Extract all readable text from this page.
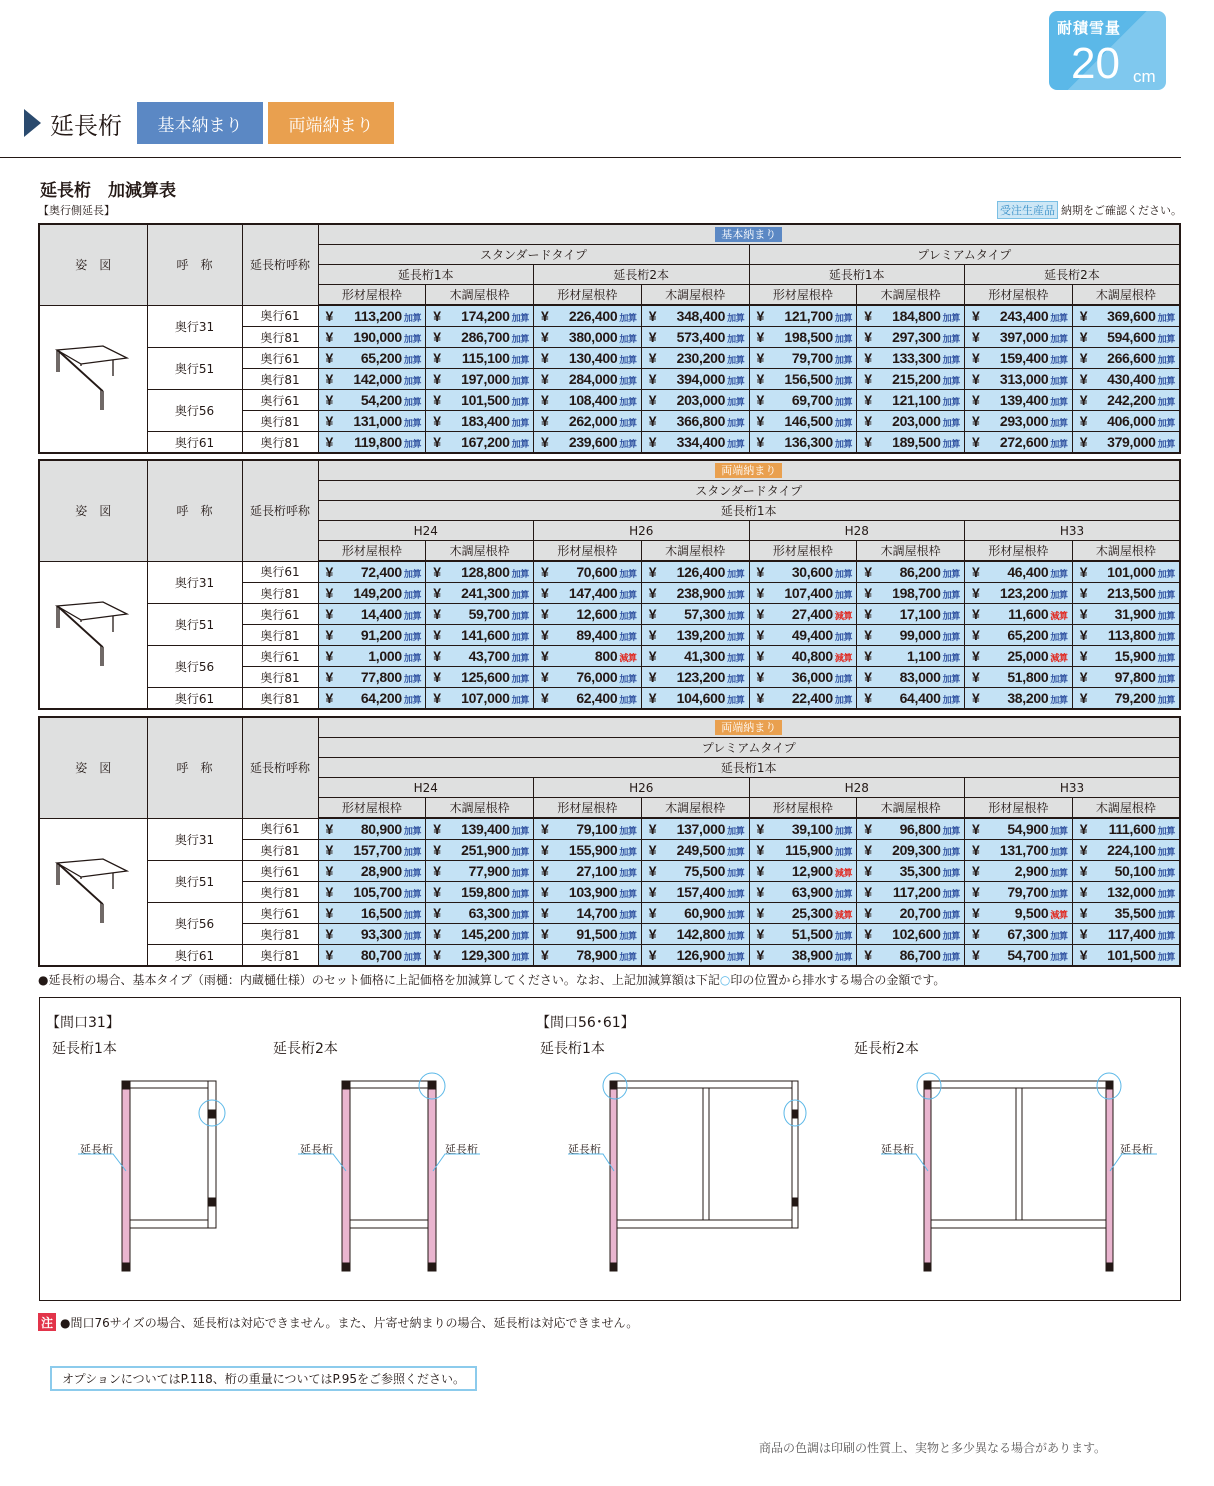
耐積雪量
20 cm
延長桁	基本納まり	両端納まり
延長桁　加減算表
【奥行側延長】	受注生産品 納期をご確認ください。
姿　図	呼　称	延長桁呼称	基本納まり							
			スタンダードタイプ				プレミアムタイプ			
			延長桁1本		延長桁2本		延長桁1本		延長桁2本	
			形材屋根枠	木調屋根枠	形材屋根枠	木調屋根枠	形材屋根枠	木調屋根枠	形材屋根枠	木調屋根枠
	奥行31	奥行61	¥ 113,200 加算	¥ 174,200 加算	¥ 226,400 加算	¥ 348,400 加算	¥ 121,700 加算	¥ 184,800 加算	¥ 243,400 加算	¥ 369,600 加算
		奥行81	¥ 190,000 加算	¥ 286,700 加算	¥ 380,000 加算	¥ 573,400 加算	¥ 198,500 加算	¥ 297,300 加算	¥ 397,000 加算	¥ 594,600 加算
	奥行51	奥行61	¥ 65,200 加算	¥ 115,100 加算	¥ 130,400 加算	¥ 230,200 加算	¥ 79,700 加算	¥ 133,300 加算	¥ 159,400 加算	¥ 266,600 加算
		奥行81	¥ 142,000 加算	¥ 197,000 加算	¥ 284,000 加算	¥ 394,000 加算	¥ 156,500 加算	¥ 215,200 加算	¥ 313,000 加算	¥ 430,400 加算
	奥行56	奥行61	¥ 54,200 加算	¥ 101,500 加算	¥ 108,400 加算	¥ 203,000 加算	¥ 69,700 加算	¥ 121,100 加算	¥ 139,400 加算	¥ 242,200 加算
		奥行81	¥ 131,000 加算	¥ 183,400 加算	¥ 262,000 加算	¥ 366,800 加算	¥ 146,500 加算	¥ 203,000 加算	¥ 293,000 加算	¥ 406,000 加算
	奥行61	奥行81	¥ 119,800 加算	¥ 167,200 加算	¥ 239,600 加算	¥ 334,400 加算	¥ 136,300 加算	¥ 189,500 加算	¥ 272,600 加算	¥ 379,000 加算
姿　図	呼　称	延長桁呼称	両端納まり							
			スタンダードタイプ							
			延長桁1本							
			H24		H26		H28		H33	
			形材屋根枠	木調屋根枠	形材屋根枠	木調屋根枠	形材屋根枠	木調屋根枠	形材屋根枠	木調屋根枠
	奥行31	奥行61	¥ 72,400 加算	¥ 128,800 加算	¥ 70,600 加算	¥ 126,400 加算	¥ 30,600 加算	¥ 86,200 加算	¥ 46,400 加算	¥ 101,000 加算
		奥行81	¥ 149,200 加算	¥ 241,300 加算	¥ 147,400 加算	¥ 238,900 加算	¥ 107,400 加算	¥ 198,700 加算	¥ 123,200 加算	¥ 213,500 加算
	奥行51	奥行61	¥ 14,400 加算	¥ 59,700 加算	¥ 12,600 加算	¥ 57,300 加算	¥ 27,400 減算	¥ 17,100 加算	¥ 11,600 減算	¥ 31,900 加算
		奥行81	¥ 91,200 加算	¥ 141,600 加算	¥ 89,400 加算	¥ 139,200 加算	¥ 49,400 加算	¥ 99,000 加算	¥ 65,200 加算	¥ 113,800 加算
	奥行56	奥行61	¥ 1,000 加算	¥ 43,700 加算	¥ 800 減算	¥ 41,300 加算	¥ 40,800 減算	¥ 1,100 加算	¥ 25,000 減算	¥ 15,900 加算
		奥行81	¥ 77,800 加算	¥ 125,600 加算	¥ 76,000 加算	¥ 123,200 加算	¥ 36,000 加算	¥ 83,000 加算	¥ 51,800 加算	¥ 97,800 加算
	奥行61	奥行81	¥ 64,200 加算	¥ 107,000 加算	¥ 62,400 加算	¥ 104,600 加算	¥ 22,400 加算	¥ 64,400 加算	¥ 38,200 加算	¥ 79,200 加算
姿　図	呼　称	延長桁呼称	両端納まり							
			プレミアムタイプ							
			延長桁1本							
			H24		H26		H28		H33	
			形材屋根枠	木調屋根枠	形材屋根枠	木調屋根枠	形材屋根枠	木調屋根枠	形材屋根枠	木調屋根枠
	奥行31	奥行61	¥ 80,900 加算	¥ 139,400 加算	¥ 79,100 加算	¥ 137,000 加算	¥ 39,100 加算	¥ 96,800 加算	¥ 54,900 加算	¥ 111,600 加算
		奥行81	¥ 157,700 加算	¥ 251,900 加算	¥ 155,900 加算	¥ 249,500 加算	¥ 115,900 加算	¥ 209,300 加算	¥ 131,700 加算	¥ 224,100 加算
	奥行51	奥行61	¥ 28,900 加算	¥ 77,900 加算	¥ 27,100 加算	¥ 75,500 加算	¥ 12,900 減算	¥ 35,300 加算	¥ 2,900 加算	¥ 50,100 加算
		奥行81	¥ 105,700 加算	¥ 159,800 加算	¥ 103,900 加算	¥ 157,400 加算	¥ 63,900 加算	¥ 117,200 加算	¥ 79,700 加算	¥ 132,000 加算
	奥行56	奥行61	¥ 16,500 加算	¥ 63,300 加算	¥ 14,700 加算	¥ 60,900 加算	¥ 25,300 減算	¥ 20,700 加算	¥ 9,500 減算	¥ 35,500 加算
		奥行81	¥ 93,300 加算	¥ 145,200 加算	¥ 91,500 加算	¥ 142,800 加算	¥ 51,500 加算	¥ 102,600 加算	¥ 67,300 加算	¥ 117,400 加算
	奥行61	奥行81	¥ 80,700 加算	¥ 129,300 加算	¥ 78,900 加算	¥ 126,900 加算	¥ 38,900 加算	¥ 86,700 加算	¥ 54,700 加算	¥ 101,500 加算
●延長桁の場合、基本タイプ（雨樋：内蔵樋仕様）のセット価格に上記価格を加減算してください。なお、上記加減算額は下記○印の位置から排水する場合の金額です。
【間口31】
延長桁1本	延長桁2本
【間口56･61】
延長桁1本	延長桁2本
延長桁	延長桁	延長桁	延長桁	延長桁	延長桁
注 ●間口76サイズの場合、延長桁は対応できません。また、片寄せ納まりの場合、延長桁は対応できません。
オプションについてはP.118、桁の重量についてはP.95をご参照ください。
商品の色調は印刷の性質上、実物と多少異なる場合があります。
